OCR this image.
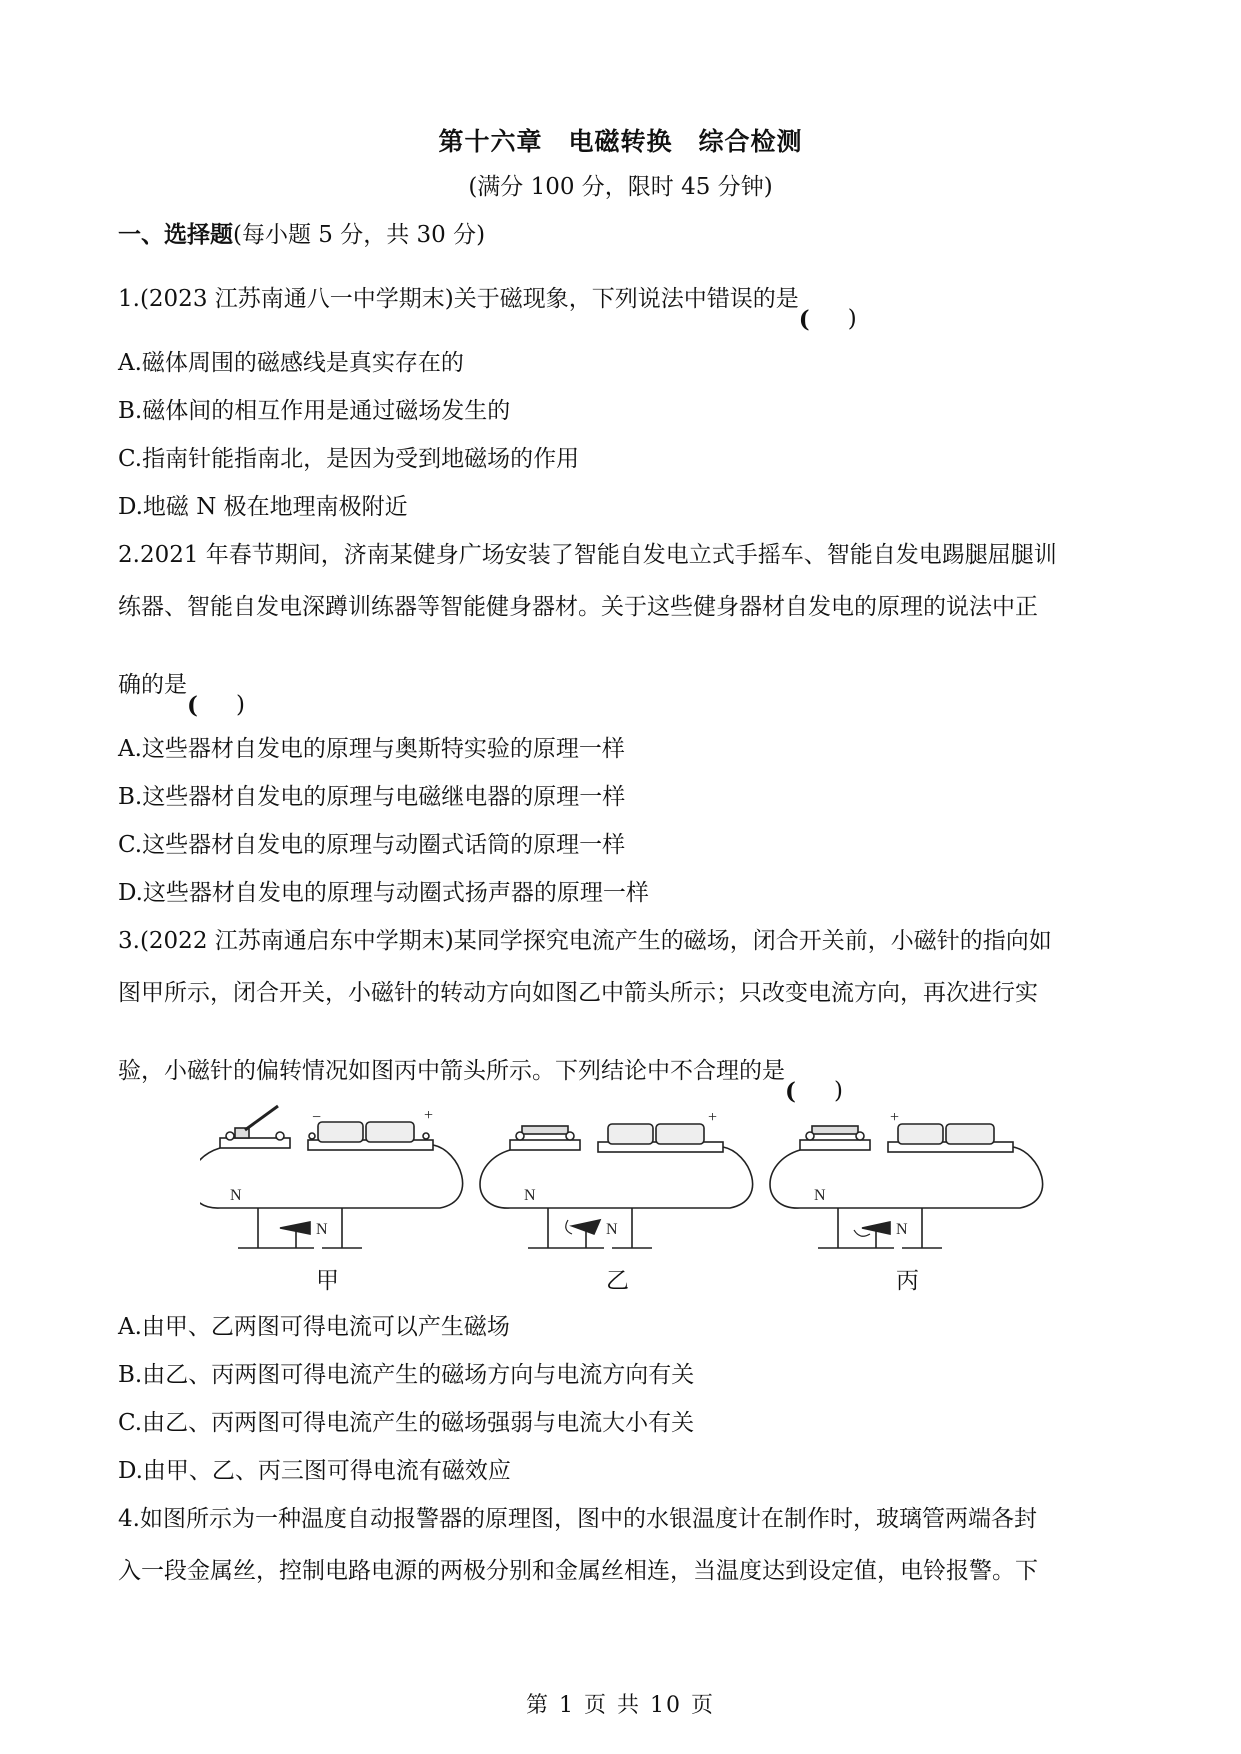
第十六章　电磁转换　综合检测
(满分 100 分，限时 45 分钟)
一、选择题(每小题 5 分，共 30 分)
1.(2023 江苏南通八一中学期末)关于磁现象，下列说法中错误的是
A.磁体周围的磁感线是真实存在的
B.磁体间的相互作用是通过磁场发生的
C.指南针能指南北，是因为受到地磁场的作用
D.地磁 N 极在地理南极附近
2.2021 年春节期间，济南某健身广场安装了智能自发电立式手摇车、智能自发电踢腿屈腿训
练器、智能自发电深蹲训练器等智能健身器材。关于这些健身器材自发电的原理的说法中正
确的是
A.这些器材自发电的原理与奥斯特实验的原理一样
B.这些器材自发电的原理与电磁继电器的原理一样
C.这些器材自发电的原理与动圈式话筒的原理一样
D.这些器材自发电的原理与动圈式扬声器的原理一样
3.(2022 江苏南通启东中学期末)某同学探究电流产生的磁场，闭合开关前，小磁针的指向如
图甲所示，闭合开关，小磁针的转动方向如图乙中箭头所示；只改变电流方向，再次进行实
验，小磁针的偏转情况如图丙中箭头所示。下列结论中不合理的是
N
N
−	+
N
N
+
N
N
+
甲	乙	丙
A.由甲、乙两图可得电流可以产生磁场
B.由乙、丙两图可得电流产生的磁场方向与电流方向有关
C.由乙、丙两图可得电流产生的磁场强弱与电流大小有关
D.由甲、乙、丙三图可得电流有磁效应
4.如图所示为一种温度自动报警器的原理图，图中的水银温度计在制作时，玻璃管两端各封
入一段金属丝，控制电路电源的两极分别和金属丝相连，当温度达到设定值，电铃报警。下
第 1 页 共 10 页
